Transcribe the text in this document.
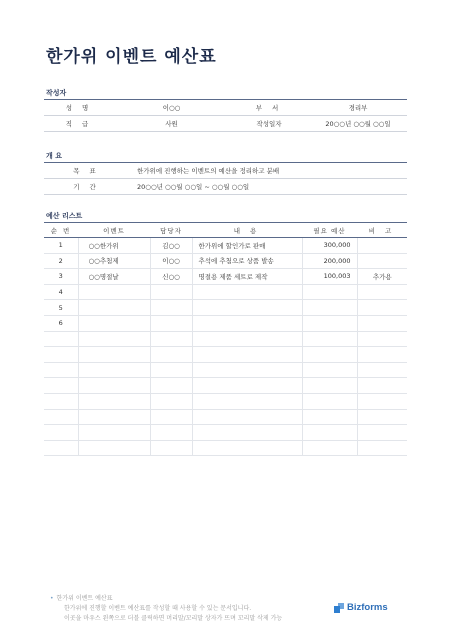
한가위 이벤트 예산표
작성자
성 명	이○○	부 서	경리부
직 급	사원	작성일자	20○○년 ○○월 ○○일
개 요
목 표	한가위에 진행하는 이벤트의 예산을 정리하고 분배
기 간	20○○년 ○○월 ○○일 ~ ○○월 ○○일
예산 리스트
순 번	이벤트	담당자	내 용	필요 예산	비 고
1	○○한가위	김○○	한가위에 할인가로 판매	300,000	
2	○○추첨제	이○○	추석에 추첨으로 상품 발송	200,000	
3	○○명절날	신○○	명절용 제품 세트로 제작	100,003	추가용
4					
5					
6					

• 한가위 이벤트 예산표
한가위에 진행할 이벤트 예산표를 작성할 때 사용할 수 있는 문서입니다.
이곳을 마우스 왼쪽으로 더블 클릭하면 머리말/꼬리말 상자가 뜨며 꼬리말 삭제 가능
Bizforms
